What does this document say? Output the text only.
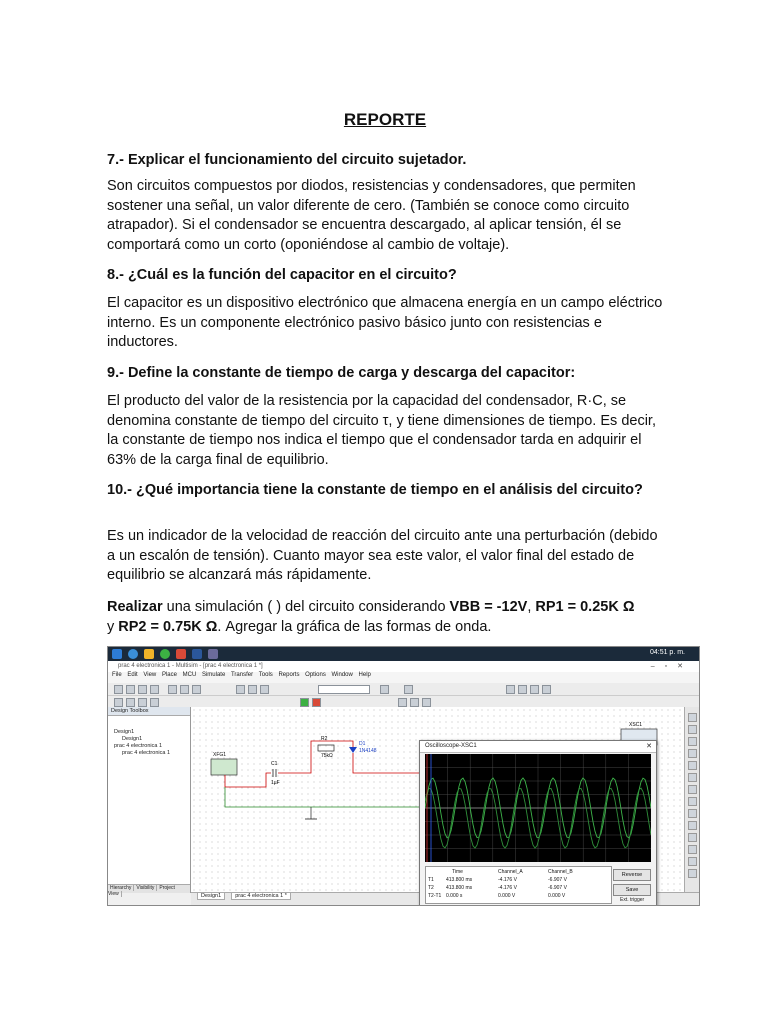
REPORTE
7.- Explicar el funcionamiento del circuito sujetador.
Son circuitos compuestos por diodos, resistencias y condensadores, que permiten sostener una señal, un valor diferente de cero. (También se conoce como circuito atrapador). Si el condensador se encuentra descargado, al aplicar tensión, él se comportará como un corto (oponiéndose al cambio de voltaje).
8.- ¿Cuál es la función del capacitor en el circuito?
El capacitor es un dispositivo electrónico que almacena energía en un campo eléctrico interno. Es un componente electrónico pasivo básico junto con resistencias e inductores.
9.- Define la constante de tiempo de carga y descarga del capacitor:
El producto del valor de la resistencia por la capacidad del condensador, R·C, se denomina constante de tiempo del circuito τ, y tiene dimensiones de tiempo. Es decir, la constante de tiempo nos indica el tiempo que el condensador tarda en adquirir el 63% de la carga final de equilibrio.
10.- ¿Qué importancia tiene la constante de tiempo en el análisis del circuito?
Es un indicador de la velocidad de reacción del circuito ante una perturbación (debido a un escalón de tensión). Cuanto mayor sea este valor, el valor final del estado de equilibrio se alcanzará más rápidamente.
Realizar una simulación ( ) del circuito considerando VBB = -12V, RP1 = 0.25K Ω
y RP2 = 0.75K Ω. Agregar la gráfica de las formas de onda.
04:51 p. m.
prac 4 electronica 1 - Multisim - [prac 4 electronica 1 *]	–▫✕
File Edit View Place MCU Simulate Transfer Tools Reports Options Window Help
Design Toolbox
Design1
Design1
prac 4 electronica 1
prac 4 electronica 1
Hierarchy Visibility Project View
XFG1
C1
1µF
R2
75kΩ
D1
1N4148
XSC1
Design1	prac 4 electronica 1 *
Oscilloscope-XSC1	✕
Time	Channel_A	Channel_B
T1 413.800 ms	-4.176 V	-6.907 V
T2 413.800 ms	-4.176 V	-6.907 V
T2-T1 0.000 s	0.000 V	0.000 V
Reverse
Save
Ext. trigger
